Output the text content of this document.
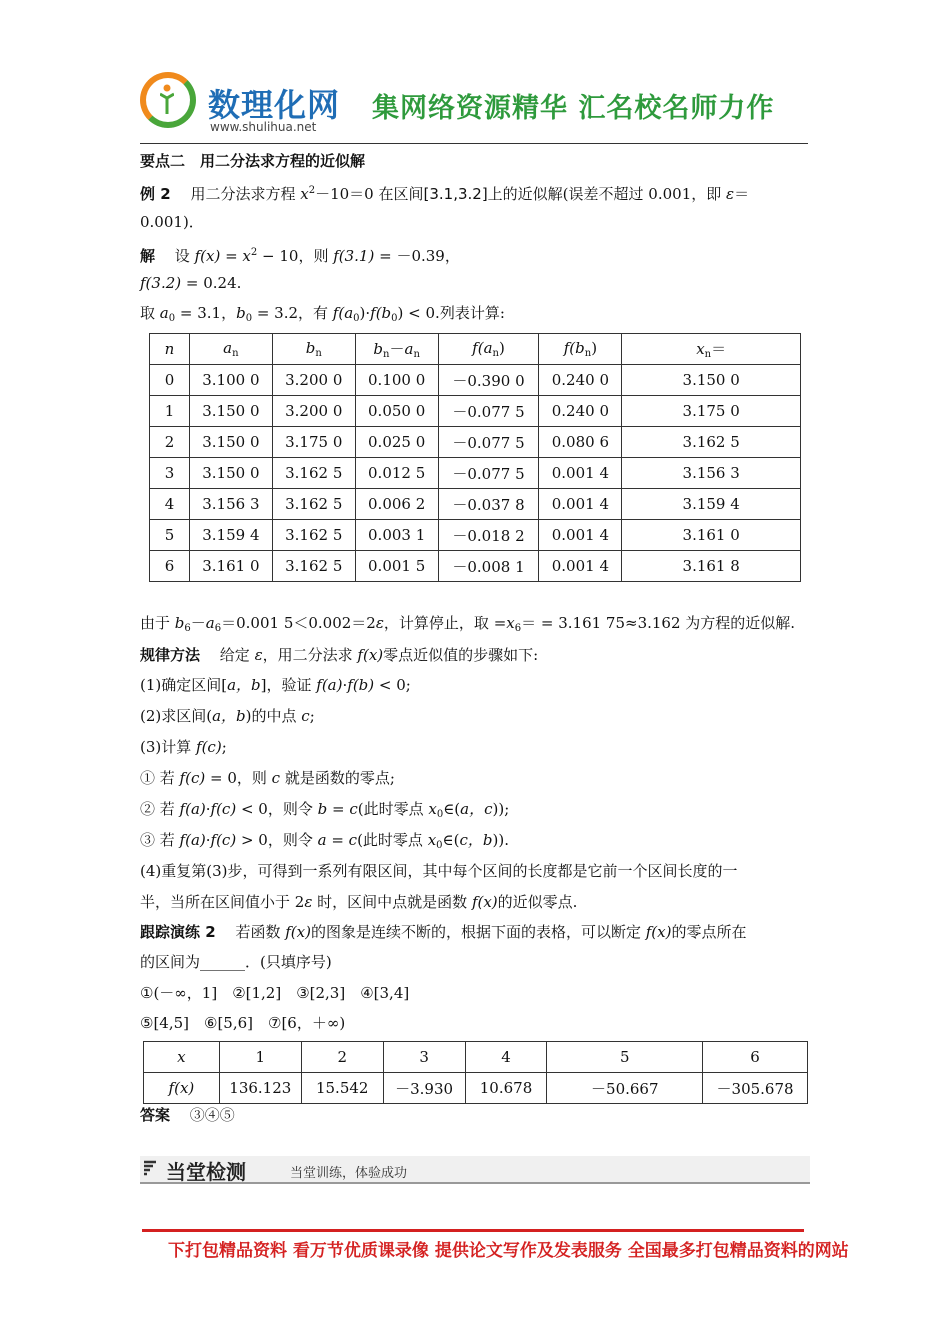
数理化网
www.shulihua.net
集网络资源精华 汇名校名师力作
要点二　用二分法求方程的近似解
例 2　 用二分法求方程 $x^2-10=0$ 在区间[3.1,3.2]上的近似解(误差不超过 0.001，即 ε＝
0.001)．
解　 设 $f(x) = x^2 - 10$，则 f(3.1) = －0.39，
f(3.2) = 0.24.
取 $a_0 = 3.1$，$b_0 = 3.2$，有 $f(a_0)\cdot f(b_0) < 0$.列表计算:
n	$a_n$	$b_n$	$b_n-a_n$	$f(a_n)$	$f(b_n)$	$x_n=$
0	3.100 0	3.200 0	0.100 0	－0.390 0	0.240 0	3.150 0
1	3.150 0	3.200 0	0.050 0	－0.077 5	0.240 0	3.175 0
2	3.150 0	3.175 0	0.025 0	－0.077 5	0.080 6	3.162 5
3	3.150 0	3.162 5	0.012 5	－0.077 5	0.001 4	3.156 3
4	3.156 3	3.162 5	0.006 2	－0.037 8	0.001 4	3.159 4
5	3.159 4	3.162 5	0.003 1	－0.018 2	0.001 4	3.161 0
6	3.161 0	3.162 5	0.001 5	－0.008 1	0.001 4	3.161 8
由于 $b_6-a_6=0.001$ 5＜0.002＝2ε，计算停止，取 $=x_6= = 3.161$ 75≈3.162 为方程的近似解.
规律方法　 给定 ε，用二分法求 f(x)零点近似值的步骤如下:
(1)确定区间[a，b]，验证 f(a)·f(b) < 0;
(2)求区间(a，b)的中点 c;
(3)计算 f(c);
① 若 f(c) = 0，则 c 就是函数的零点;
② 若 f(a)·f(c) < 0，则令 b = c(此时零点 $x_0\in(a$，c));
③ 若 f(a)·f(c) > 0，则令 a = c(此时零点 $x_0\in(c$，b)).
(4)重复第(3)步，可得到一系列有限区间，其中每个区间的长度都是它前一个区间长度的一
半，当所在区间值小于 2ε 时，区间中点就是函数 f(x)的近似零点.
跟踪演练 2　 若函数 f(x)的图象是连续不断的，根据下面的表格，可以断定 f(x)的零点所在
的区间为______．(只填序号)
①(－∞，1]　②[1,2]　③[2,3]　④[3,4]
⑤[4,5]　⑥[5,6]　⑦[6，＋∞)
x	1	2	3	4	5	6
f(x)	136.123	15.542	－3.930	10.678	－50.667	－305.678
答案　 ③④⑤
当堂检测	当堂训练，体验成功
下打包精品资料 看万节优质课录像 提供论文写作及发表服务 全国最多打包精品资料的网站
